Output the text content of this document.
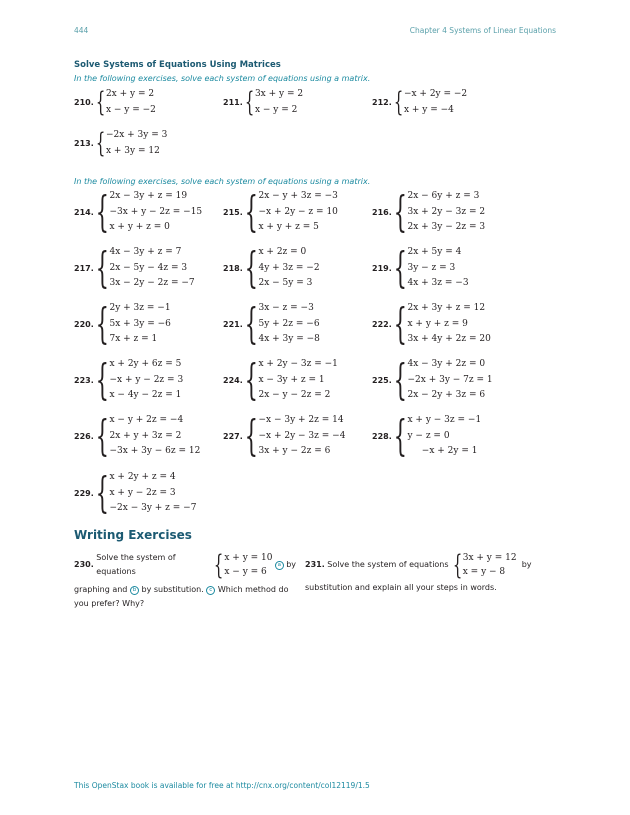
444	Chapter 4 Systems of Linear Equations
Solve Systems of Equations Using Matrices
In the following exercises, solve each system of equations using a matrix.
210. { 2x + y = 2
x − y = −2
211. { 3x + y = 2
x − y = 2
212. { −x + 2y = −2
x + y = −4
213. { −2x + 3y = 3
x + 3y = 12
In the following exercises, solve each system of equations using a matrix.
214. { 2x − 3y + z = 19
−3x + y − 2z = −15
x + y + z = 0
215. { 2x − y + 3z = −3
−x + 2y − z = 10
x + y + z = 5
216. { 2x − 6y + z = 3
3x + 2y − 3z = 2
2x + 3y − 2z = 3
217. { 4x − 3y + z = 7
2x − 5y − 4z = 3
3x − 2y − 2z = −7
218. { x + 2z = 0
4y + 3z = −2
2x − 5y = 3
219. { 2x + 5y = 4
3y − z = 3
4x + 3z = −3
220. { 2y + 3z = −1
5x + 3y = −6
7x + z = 1
221. { 3x − z = −3
5y + 2z = −6
4x + 3y = −8
222. { 2x + 3y + z = 12
x + y + z = 9
3x + 4y + 2z = 20
223. { x + 2y + 6z = 5
−x + y − 2z = 3
x − 4y − 2z = 1
224. { x + 2y − 3z = −1
x − 3y + z = 1
2x − y − 2z = 2
225. { 4x − 3y + 2z = 0
−2x + 3y − 7z = 1
2x − 2y + 3z = 6
226. { x − y + 2z = −4
2x + y + 3z = 2
−3x + 3y − 6z = 12
227. { −x − 3y + 2z = 14
−x + 2y − 3z = −4
3x + y − 2z = 6
228. { x + y − 3z = −1
y − z = 0
−x + 2y = 1
229. { x + 2y + z = 4
x + y − 2z = 3
−2x − 3y + z = −7
Writing Exercises
230.

Solve the system of equations	{ x + y = 10
x − y = 6

a
by
graphing and b by substitution. c Which method do
you prefer? Why?
231.
Solve the system of equations { 3x + y = 12
x = y − 8

by
substitution and explain all your steps in words.
This OpenStax book is available for free at http://cnx.org/content/col12119/1.5
